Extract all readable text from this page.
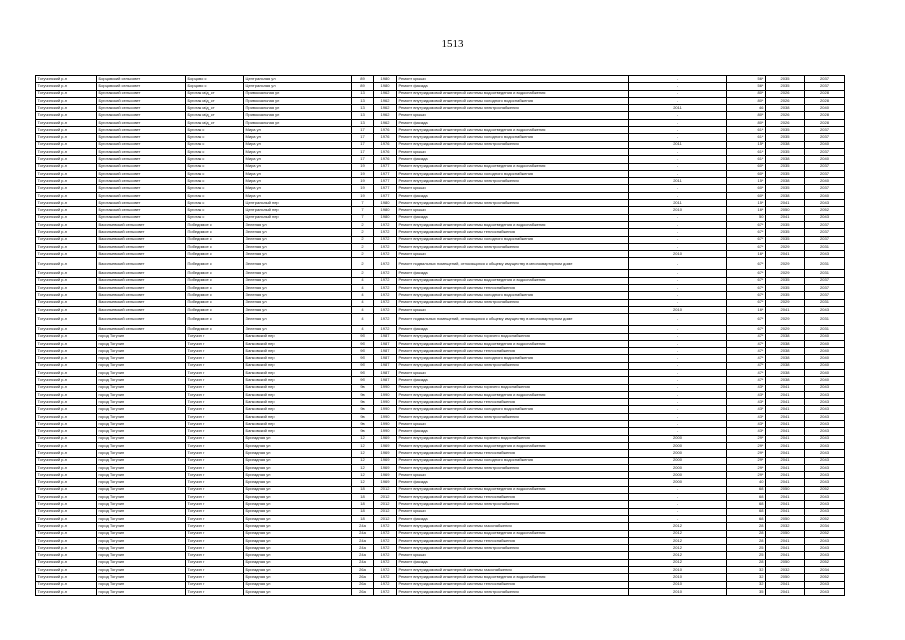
1513
Тогучинский р-н	Борцовский сельсовет	Борцово с	Центральная ул	89	1980	Ремонт крыши	-	56*	2035	2037
Тогучинский р-н	Борцовский сельсовет	Борцово с	Центральная ул	89	1980	Ремонт фасада	-	56*	2035	2037
Тогучинский р-н	Буготакский сельсовет	Буготак м/д_ст	Привокзальная ул	13	1962	Ремонт внутридомовой инженерной системы водоотведения и водоснабжения	-	80*	2026	2028
Тогучинский р-н	Буготакский сельсовет	Буготак м/д_ст	Привокзальная ул	13	1962	Ремонт внутридомовой инженерной системы холодного водоснабжения	-	80*	2026	2028
Тогучинский р-н	Буготакский сельсовет	Буготак м/д_ст	Привокзальная ул	13	1962	Ремонт внутридомовой инженерной системы электроснабжения	2011	46	2038	2040
Тогучинский р-н	Буготакский сельсовет	Буготак м/д_ст	Привокзальная ул	13	1962	Ремонт крыши	-	80*	2026	2028
Тогучинский р-н	Буготакский сельсовет	Буготак м/д_ст	Привокзальная ул	13	1962	Ремонт фасада	-	80*	2026	2028
Тогучинский р-н	Буготакский сельсовет	Буготак с	Мира ул	17	1976	Ремонт внутридомовой инженерной системы водоотведения и водоснабжения	-	61*	2035	2037
Тогучинский р-н	Буготакский сельсовет	Буготак с	Мира ул	17	1976	Ремонт внутридомовой инженерной системы холодного водоснабжения	-	61*	2035	2037
Тогучинский р-н	Буготакский сельсовет	Буготак с	Мира ул	17	1976	Ремонт внутридомовой инженерной системы электроснабжения	2011	15*	2038	2040
Тогучинский р-н	Буготакский сельсовет	Буготак с	Мира ул	17	1976	Ремонт крыши	-	61*	2035	2037
Тогучинский р-н	Буготакский сельсовет	Буготак с	Мира ул	17	1976	Ремонт фасада	-	61*	2038	2040
Тогучинский р-н	Буготакский сельсовет	Буготак с	Мира ул	19	1977	Ремонт внутридомовой инженерной системы водоотведения и водоснабжения	-	60*	2035	2037
Тогучинский р-н	Буготакский сельсовет	Буготак с	Мира ул	19	1977	Ремонт внутридомовой инженерной системы холодного водоснабжения	-	60*	2035	2037
Тогучинский р-н	Буготакский сельсовет	Буготак с	Мира ул	19	1977	Ремонт внутридомовой инженерной системы электроснабжения	2011	15*	2038	2040
Тогучинский р-н	Буготакский сельсовет	Буготак с	Мира ул	19	1977	Ремонт крыши	-	60*	2035	2037
Тогучинский р-н	Буготакский сельсовет	Буготак с	Мира ул	19	1977	Ремонт фасада	-	60*	2038	2040
Тогучинский р-н	Буготакский сельсовет	Буготак с	Центральный пер	7	1980	Ремонт внутридомовой инженерной системы электроснабжения	2011	15*	2041	2043
Тогучинский р-н	Буготакский сельсовет	Буготак с	Центральный пер	7	1980	Ремонт крыши	2010	16*	2050	2052
Тогучинский р-н	Буготакский сельсовет	Буготак с	Центральный пер	7	1980	Ремонт фасада	-	50	2041	2043
Тогучинский р-н	Васильевский сельсовет	Победимое с	Зеленая ул	2	1972	Ремонт внутридомовой инженерной системы водоотведения и водоснабжения	-	67*	2035	2037
Тогучинский р-н	Васильевский сельсовет	Победимое с	Зеленая ул	2	1972	Ремонт внутридомовой инженерной системы теплоснабжения	-	67*	2035	2037
Тогучинский р-н	Васильевский сельсовет	Победимое с	Зеленая ул	2	1972	Ремонт внутридомовой инженерной системы холодного водоснабжения	-	67*	2035	2037
Тогучинский р-н	Васильевский сельсовет	Победимое с	Зеленая ул	2	1972	Ремонт внутридомовой инженерной системы электроснабжения	-	67*	2029	2031
Тогучинский р-н	Васильевский сельсовет	Победимое с	Зеленая ул	2	1972	Ремонт крыши	2010	16*	2041	2043
Тогучинский р-н	Васильевский сельсовет	Победимое с	Зеленая ул	2	1972	Ремонт подвальных помещений, относящихся к общему имуществу в многоквартирном доме	-	67*	2029	2031
Тогучинский р-н	Васильевский сельсовет	Победимое с	Зеленая ул	2	1972	Ремонт фасада	-	67*	2029	2031
Тогучинский р-н	Васильевский сельсовет	Победимое с	Зеленая ул	4	1972	Ремонт внутридомовой инженерной системы водоотведения и водоснабжения	-	67*	2035	2037
Тогучинский р-н	Васильевский сельсовет	Победимое с	Зеленая ул	4	1972	Ремонт внутридомовой инженерной системы теплоснабжения	-	67*	2035	2037
Тогучинский р-н	Васильевский сельсовет	Победимое с	Зеленая ул	4	1972	Ремонт внутридомовой инженерной системы холодного водоснабжения	-	67*	2035	2037
Тогучинский р-н	Васильевский сельсовет	Победимое с	Зеленая ул	4	1972	Ремонт внутридомовой инженерной системы электроснабжения	-	67*	2029	2031
Тогучинский р-н	Васильевский сельсовет	Победимое с	Зеленая ул	4	1972	Ремонт крыши	2010	16*	2041	2043
Тогучинский р-н	Васильевский сельсовет	Победимое с	Зеленая ул	4	1972	Ремонт подвальных помещений, относящихся к общему имуществу в многоквартирном доме	-	67*	2029	2031
Тогучинский р-н	Васильевский сельсовет	Победимое с	Зеленая ул	4	1972	Ремонт фасада	-	67*	2029	2031
Тогучинский р-н	город Тогучин	Тогучин г	Банковский пер	9б	1987	Ремонт внутридомовой инженерной системы горячего водоснабжения	-	47*	2038	2040
Тогучинский р-н	город Тогучин	Тогучин г	Банковский пер	9б	1987	Ремонт внутридомовой инженерной системы водоотведения и водоснабжения	-	47*	2038	2040
Тогучинский р-н	город Тогучин	Тогучин г	Банковский пер	9б	1987	Ремонт внутридомовой инженерной системы теплоснабжения	-	47*	2038	2040
Тогучинский р-н	город Тогучин	Тогучин г	Банковский пер	9б	1987	Ремонт внутридомовой инженерной системы холодного водоснабжения	-	47*	2038	2040
Тогучинский р-н	город Тогучин	Тогучин г	Банковский пер	9б	1987	Ремонт внутридомовой инженерной системы электроснабжения	-	47*	2038	2040
Тогучинский р-н	город Тогучин	Тогучин г	Банковский пер	9б	1987	Ремонт крыши	-	47*	2038	2040
Тогучинский р-н	город Тогучин	Тогучин г	Банковский пер	9б	1987	Ремонт фасада	-	47*	2038	2040
Тогучинский р-н	город Тогучин	Тогучин г	Банковский пер	9в	1990	Ремонт внутридомовой инженерной системы горячего водоснабжения	-	43*	2041	2043
Тогучинский р-н	город Тогучин	Тогучин г	Банковский пер	9в	1990	Ремонт внутридомовой инженерной системы водоотведения и водоснабжения	-	43*	2041	2043
Тогучинский р-н	город Тогучин	Тогучин г	Банковский пер	9в	1990	Ремонт внутридомовой инженерной системы теплоснабжения	-	43*	2041	2043
Тогучинский р-н	город Тогучин	Тогучин г	Банковский пер	9в	1990	Ремонт внутридомовой инженерной системы холодного водоснабжения	-	43*	2041	2043
Тогучинский р-н	город Тогучин	Тогучин г	Банковский пер	9в	1990	Ремонт внутридомовой инженерной системы электроснабжения	-	43*	2041	2043
Тогучинский р-н	город Тогучин	Тогучин г	Банковский пер	9в	1990	Ремонт крыши	-	43*	2041	2043
Тогучинский р-н	город Тогучин	Тогучин г	Банковский пер	9в	1990	Ремонт фасада	-	43*	2041	2043
Тогучинский р-н	город Тогучин	Тогучин г	Бригадная ул	12	1969	Ремонт внутридомовой инженерной системы горячего водоснабжения	2000	29*	2041	2043
Тогучинский р-н	город Тогучин	Тогучин г	Бригадная ул	12	1969	Ремонт внутридомовой инженерной системы водоотведения и водоснабжения	2000	29*	2041	2043
Тогучинский р-н	город Тогучин	Тогучин г	Бригадная ул	12	1969	Ремонт внутридомовой инженерной системы теплоснабжения	2000	29*	2041	2043
Тогучинский р-н	город Тогучин	Тогучин г	Бригадная ул	12	1969	Ремонт внутридомовой инженерной системы холодного водоснабжения	2000	29*	2041	2043
Тогучинский р-н	город Тогучин	Тогучин г	Бригадная ул	12	1969	Ремонт внутридомовой инженерной системы электроснабжения	2000	29*	2041	2043
Тогучинский р-н	город Тогучин	Тогучин г	Бригадная ул	12	1969	Ремонт крыши	2000	29*	2041	2043
Тогучинский р-н	город Тогучин	Тогучин г	Бригадная ул	12	1969	Ремонт фасада	2000	40	2041	2043
Тогучинский р-н	город Тогучин	Тогучин г	Бригадная ул	18	2012	Ремонт внутридомовой инженерной системы водоотведения и водоснабжения	-	68	2050	2052
Тогучинский р-н	город Тогучин	Тогучин г	Бригадная ул	18	2012	Ремонт внутридомовой инженерной системы теплоснабжения	-	68	2041	2043
Тогучинский р-н	город Тогучин	Тогучин г	Бригадная ул	18	2012	Ремонт внутридомовой инженерной системы электроснабжения	-	68	2041	2043
Тогучинский р-н	город Тогучин	Тогучин г	Бригадная ул	18	2012	Ремонт крыши	-	68	2041	2043
Тогучинский р-н	город Тогучин	Тогучин г	Бригадная ул	18	2012	Ремонт фасада	-	68	2050	2052
Тогучинский р-н	город Тогучин	Тогучин г	Бригадная ул	24а	1972	Ремонт внутридомовой инженерной системы газоснабжения	2012	28	2032	2034
Тогучинский р-н	город Тогучин	Тогучин г	Бригадная ул	24а	1972	Ремонт внутридомовой инженерной системы водоотведения и водоснабжения	2012	28	2050	2052
Тогучинский р-н	город Тогучин	Тогучин г	Бригадная ул	24а	1972	Ремонт внутридомовой инженерной системы теплоснабжения	2012	28	2041	2043
Тогучинский р-н	город Тогучин	Тогучин г	Бригадная ул	24а	1972	Ремонт внутридомовой инженерной системы электроснабжения	2012	25	2041	2043
Тогучинский р-н	город Тогучин	Тогучин г	Бригадная ул	24а	1972	Ремонт крыши	2012	25	2041	2043
Тогучинский р-н	город Тогучин	Тогучин г	Бригадная ул	24а	1972	Ремонт фасада	2012	28	2050	2052
Тогучинский р-н	город Тогучин	Тогучин г	Бригадная ул	26а	1972	Ремонт внутридомовой инженерной системы газоснабжения	2010	32	2032	2034
Тогучинский р-н	город Тогучин	Тогучин г	Бригадная ул	26а	1972	Ремонт внутридомовой инженерной системы водоотведения и водоснабжения	2010	32	2050	2052
Тогучинский р-н	город Тогучин	Тогучин г	Бригадная ул	26а	1972	Ремонт внутридомовой инженерной системы теплоснабжения	2010	32	2041	2043
Тогучинский р-н	город Тогучин	Тогучин г	Бригадная ул	26а	1972	Ремонт внутридомовой инженерной системы электроснабжения	2010	35	2041	2043
